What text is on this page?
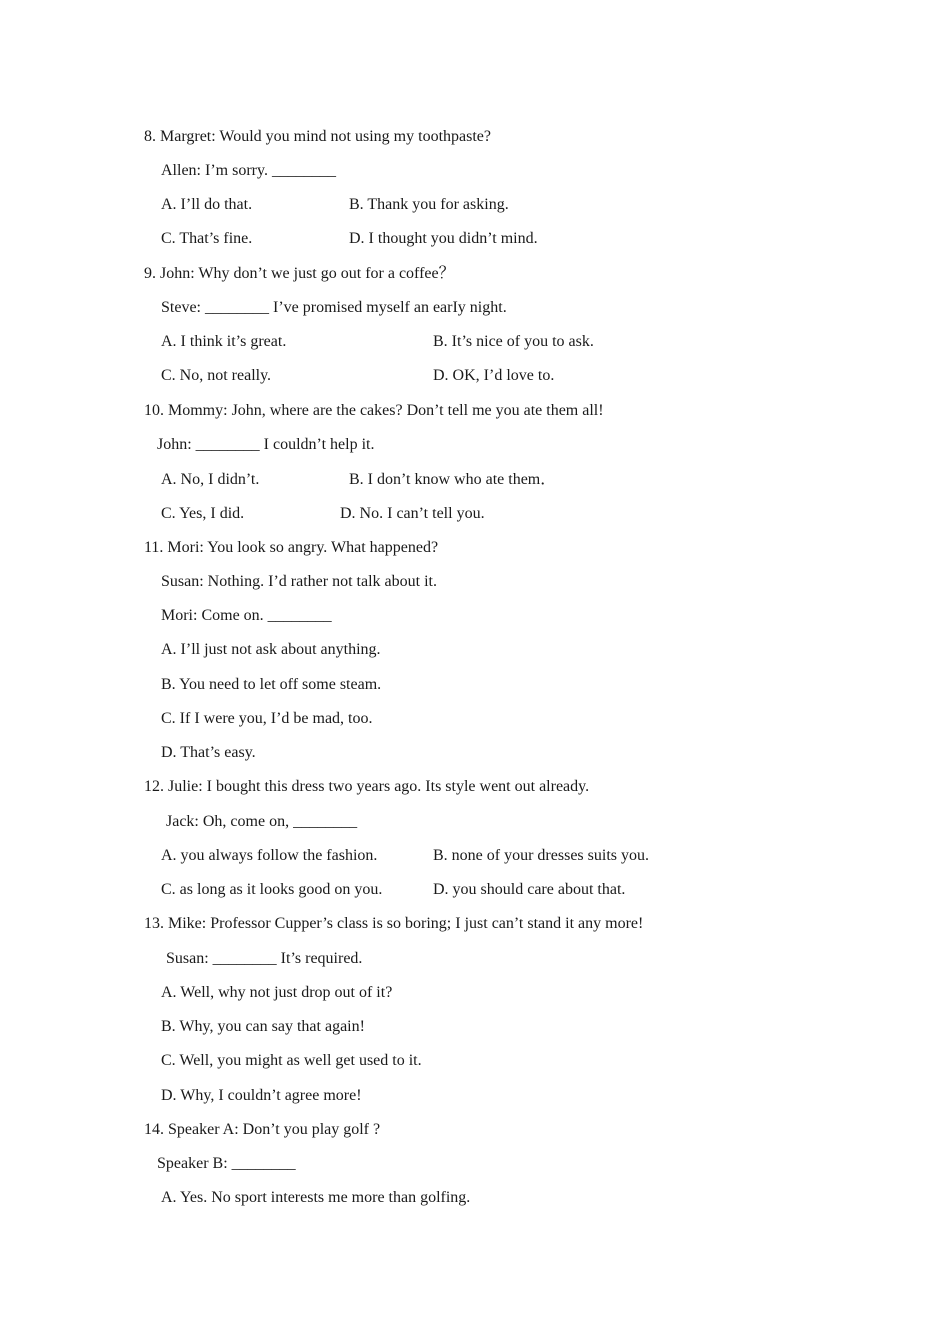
8. Margret: Would you mind not using my toothpaste?
Allen: I’m sorry. ________
A. I’ll do that.	B. Thank you for asking.
C. That’s fine.	D. I thought you didn’t mind.
9. John: Why don’t we just go out for a coffee？
Steve: ________ I’ve promised myself an earIy night.
A. I think it’s great.	B. It’s nice of you to ask.
C. No, not really.	D. OK, I’d love to.
10. Mommy: John, where are the cakes? Don’t tell me you ate them all!
John: ________ I couldn’t help it.
A. No, I didn’t.	B. I don’t know who ate them．
C. Yes, I did.	D. No. I can’t tell you.
11. Mori: You look so angry. What happened?
Susan: Nothing. I’d rather not talk about it.
Mori: Come on. ________
A. I’ll just not ask about anything.
B. You need to let off some steam.
C. If I were you, I’d be mad, too.
D. That’s easy.
12. Julie: I bought this dress two years ago. Its style went out already.
Jack: Oh, come on, ________
A. you always follow the fashion.	B. none of your dresses suits you.
C. as long as it looks good on you.	D. you should care about that.
13. Mike: Professor Cupper’s class is so boring; I just can’t stand it any more!
Susan: ________ It’s required.
A. Well, why not just drop out of it?
B. Why, you can say that again!
C. Well, you might as well get used to it.
D. Why, I couldn’t agree more!
14. Speaker A: Don’t you play golf ?
Speaker B: ________
A. Yes. No sport interests me more than golfing.
